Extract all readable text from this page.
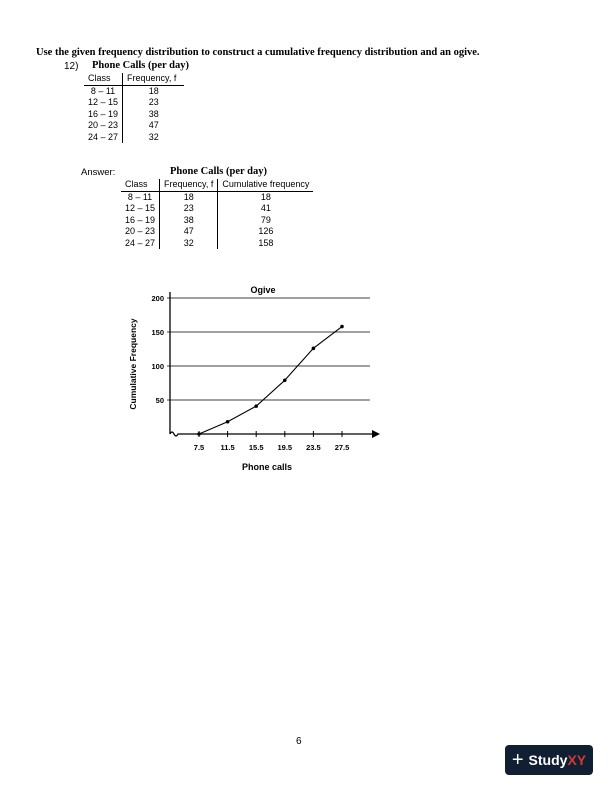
Use the given frequency distribution to construct a cumulative frequency distribution and an ogive.
12) Phone Calls (per day)
Class	Frequency, f
8 – 11	18
12 – 15	23
16 – 19	38
20 – 23	47
24 – 27	32
Answer:	Phone Calls (per day)
Class	Frequency, f	Cumulative frequency
8 – 11	18	18
12 – 15	23	41
16 – 19	38	79
20 – 23	47	126
24 – 27	32	158
Ogive
Cumulative Frequency
Phone calls
50
100
150
200
7.5 11.5 15.5 19.5 23.5 27.5
6
+ Study XY
